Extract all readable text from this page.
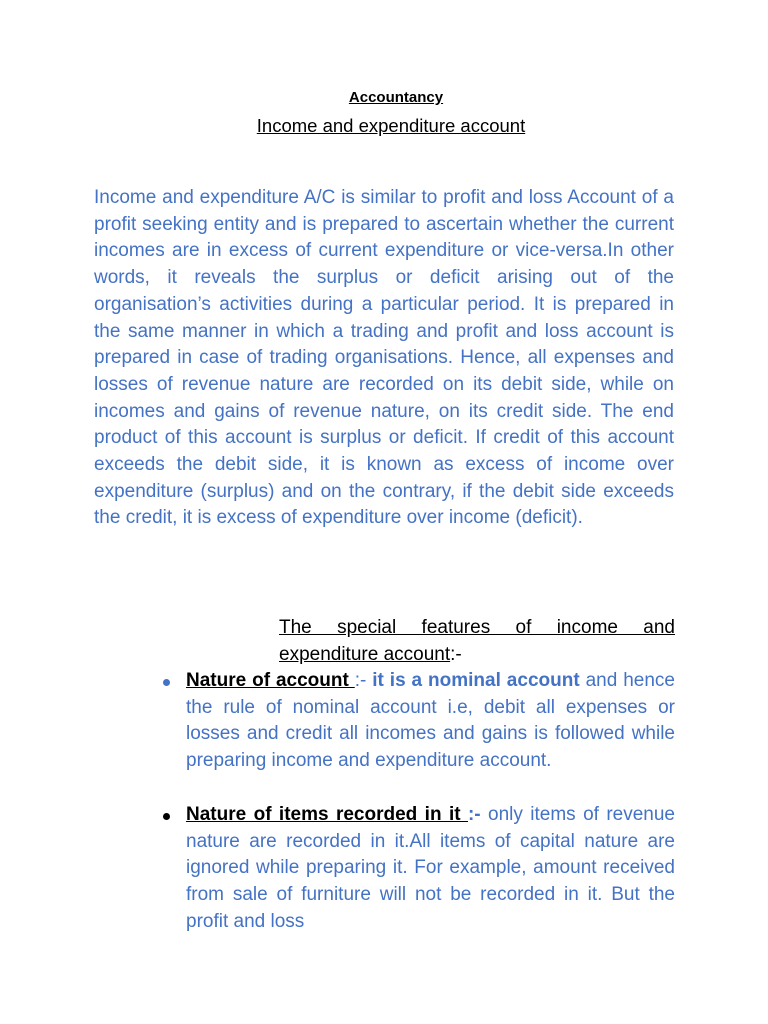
Accountancy
Income and expenditure account

Income and expenditure A/C is similar to profit and loss Account of a profit seeking entity and is prepared to ascertain whether the current incomes are in excess of current expenditure or vice-versa.In other words, it reveals the surplus or deficit arising out of the organisation’s activities during a particular period. It is prepared in the same manner in which a trading and profit and loss account is prepared in case of trading organisations. Hence, all expenses and losses of revenue nature are recorded on its debit side, while on incomes and gains of revenue nature, on its credit side. The end product of this account is surplus or deficit. If credit of this account exceeds the debit side, it is known as excess of income over expenditure (surplus) and on the contrary, if the debit side exceeds the credit, it is excess of expenditure over income (deficit).

The special features of income and expenditure account:-

Nature of account :- it is a nominal account and hence the rule of nominal account i.e, debit all expenses or losses and credit all incomes and gains is followed while preparing income and expenditure account.
Nature of items recorded in it :- only items of revenue nature are recorded in it.All items of capital nature are ignored while preparing it. For example, amount received from sale of furniture will not be recorded in it. But the profit and loss
